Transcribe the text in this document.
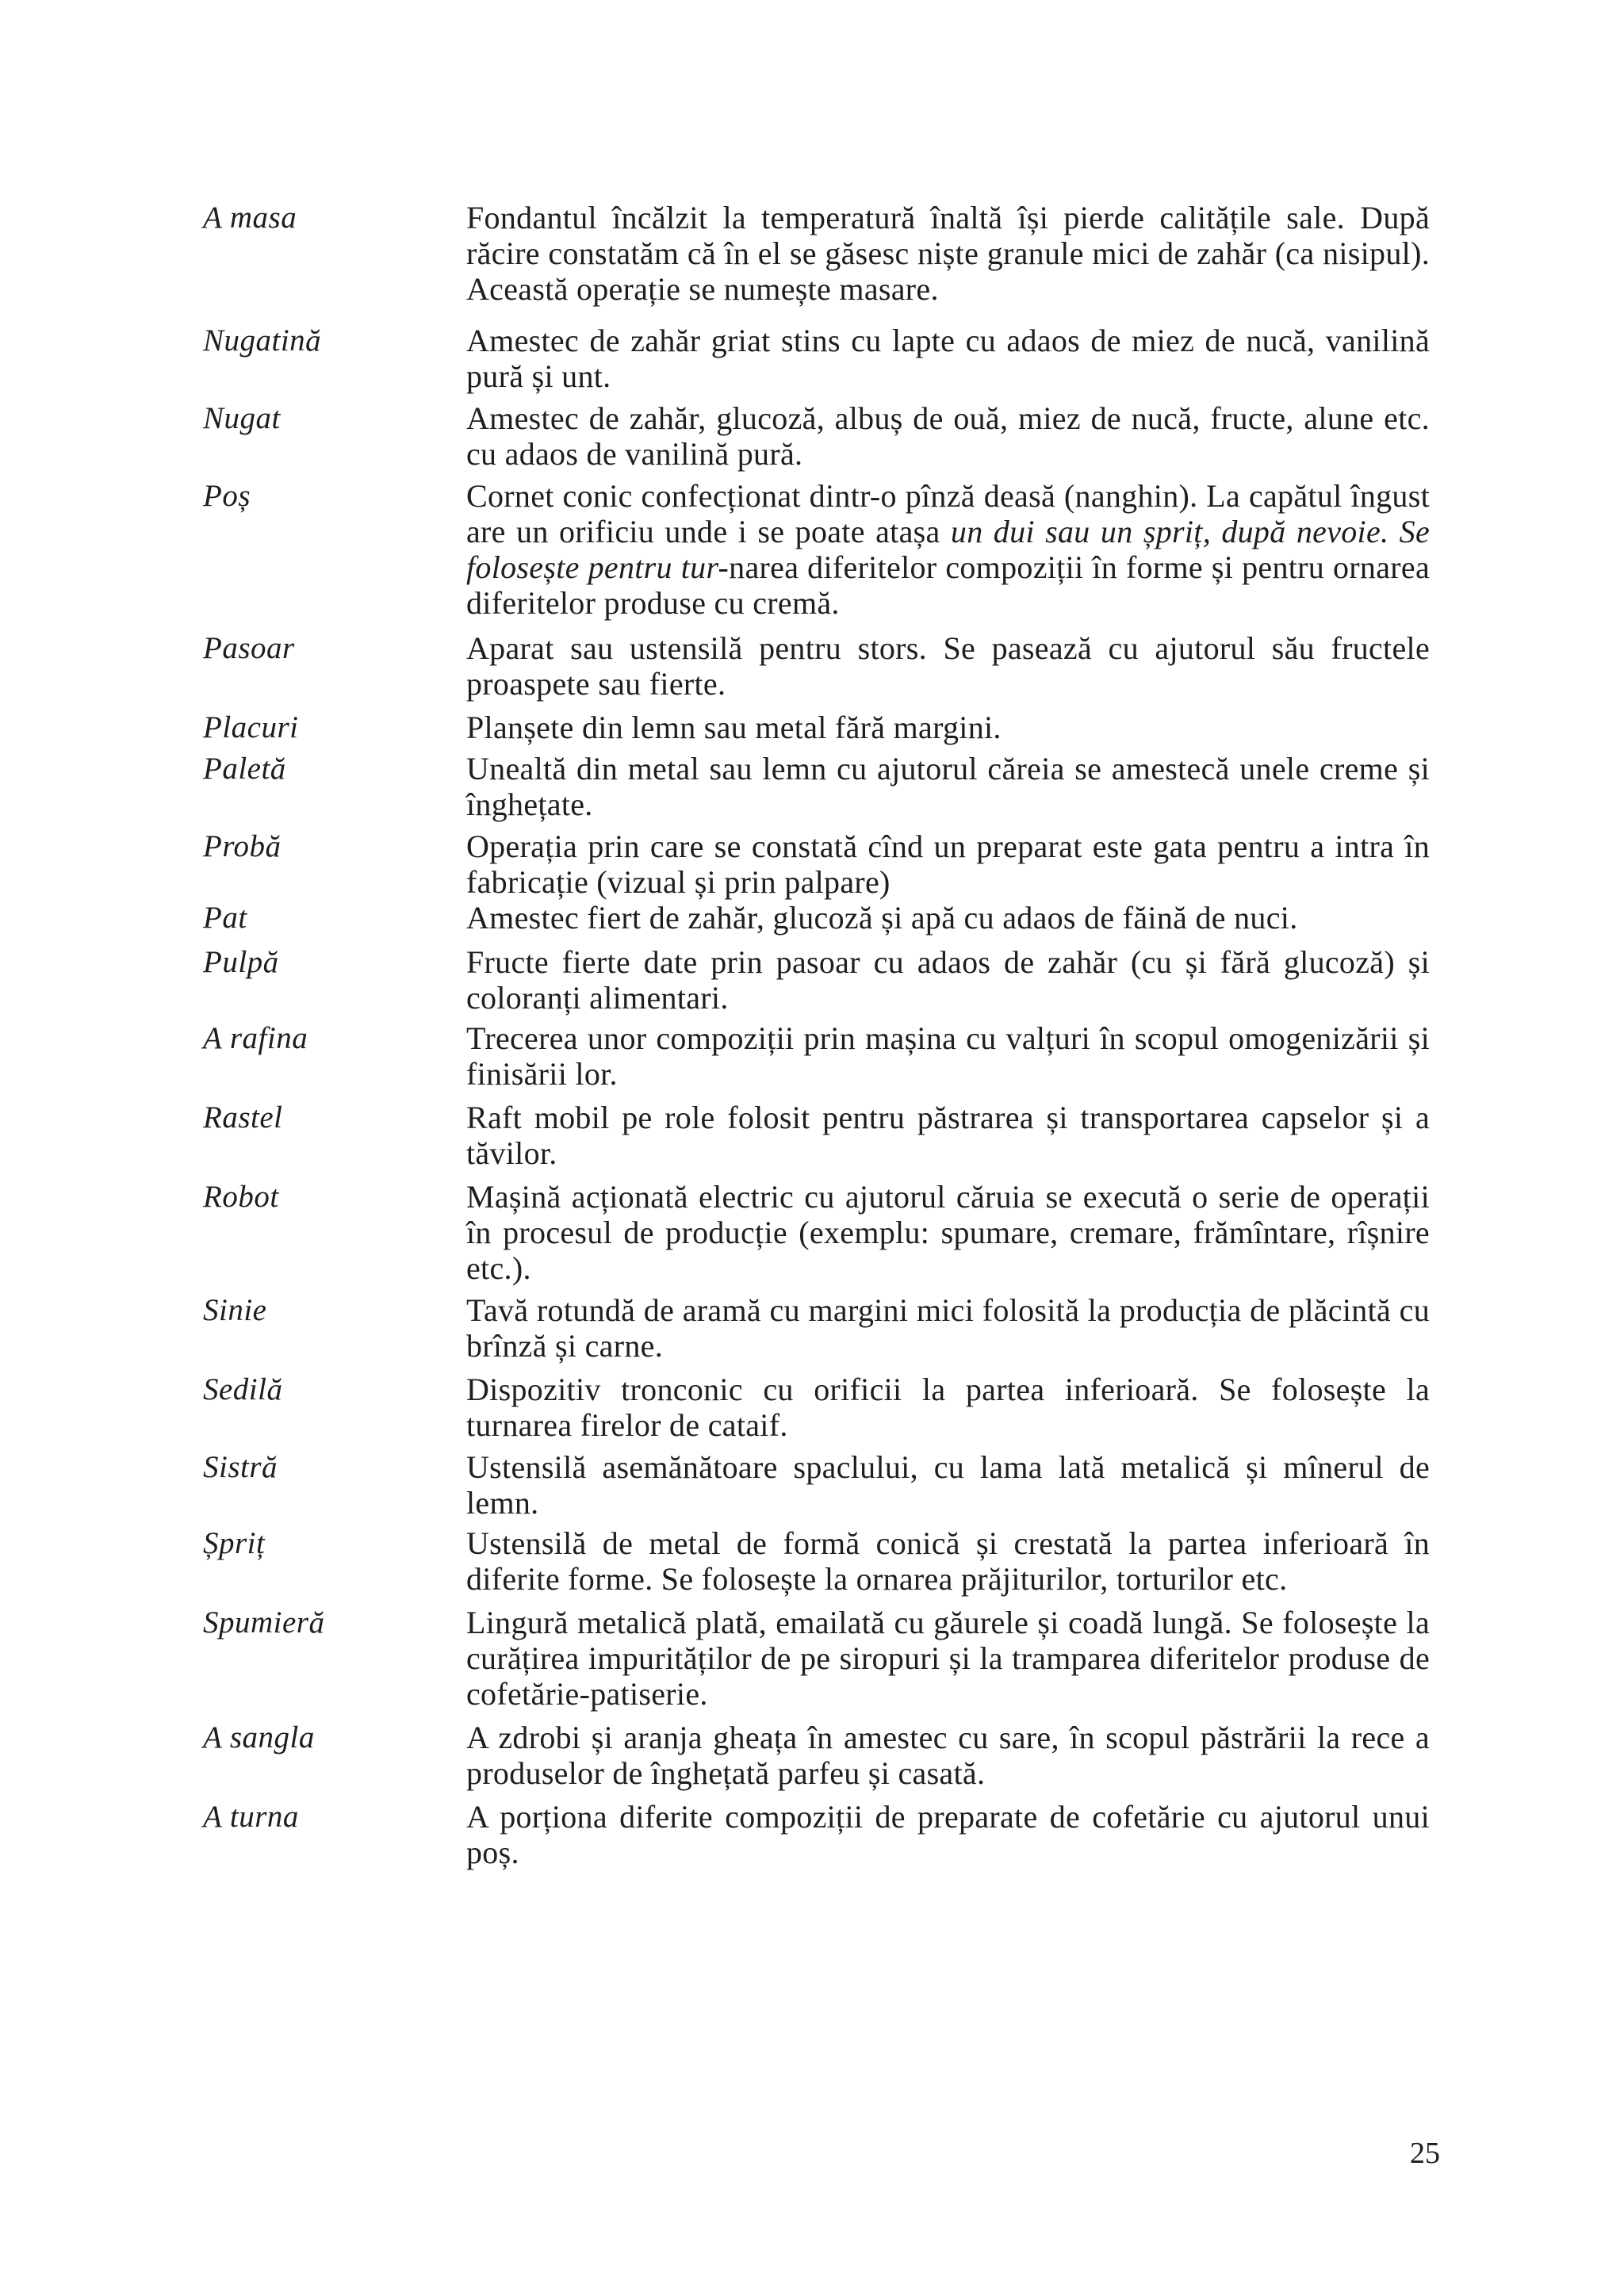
A masa	Fondantul încălzit la temperatură înaltă își pierde calitățile sale. După răcire constatăm că în el se găsesc niște granule mici de zahăr (ca nisipul). Această operație se numește masare.
Nugatină	Amestec de zahăr griat stins cu lapte cu adaos de miez de nucă, vanilină pură și unt.
Nugat	Amestec de zahăr, glucoză, albuș de ouă, miez de nucă, fructe, alune etc. cu adaos de vanilină pură.
Poș	Cornet conic confecționat dintr-o pînză deasă (nanghin). La capătul îngust are un orificiu unde i se poate atașa un dui sau un șpriț, după nevoie. Se folosește pentru tur-narea diferitelor compoziții în forme și pentru ornarea diferitelor produse cu cremă.
Pasoar	Aparat sau ustensilă pentru stors. Se pasează cu ajutorul său fructele proaspete sau fierte.
Placuri	Planșete din lemn sau metal fără margini.
Paletă	Unealtă din metal sau lemn cu ajutorul căreia se amestecă unele creme și înghețate.
Probă	Operația prin care se constată cînd un preparat este gata pentru a intra în fabricație (vizual și prin palpare)
Pat	Amestec fiert de zahăr, glucoză și apă cu adaos de făină de nuci.
Pulpă	Fructe fierte date prin pasoar cu adaos de zahăr (cu și fără glucoză) și coloranți alimentari.
A rafina	Trecerea unor compoziții prin mașina cu valțuri în scopul omogenizării și finisării lor.
Rastel	Raft mobil pe role folosit pentru păstrarea și transportarea capselor și a tăvilor.
Robot	Mașină acționată electric cu ajutorul căruia se execută o serie de operații în procesul de producție (exemplu: spumare, cremare, frămîntare, rîșnire etc.).
Sinie	Tavă rotundă de aramă cu margini mici folosită la producția de plăcintă cu brînză și carne.
Sedilă	Dispozitiv tronconic cu orificii la partea inferioară. Se folosește la turnarea firelor de cataif.
Sistră	Ustensilă asemănătoare spaclului, cu lama lată metalică și mînerul de lemn.
Șpriț	Ustensilă de metal de formă conică și crestată la partea inferioară în diferite forme. Se folosește la ornarea prăjiturilor, torturilor etc.
Spumieră	Lingură metalică plată, emailată cu găurele și coadă lungă. Se folosește la curățirea impurităților de pe siropuri și la tramparea diferitelor produse de cofetărie-patiserie.
A sangla	A zdrobi și aranja gheața în amestec cu sare, în scopul păstrării la rece a produselor de înghețată parfeu și casată.
A turna	A porționa diferite compoziții de preparate de cofetărie cu ajutorul unui poș.
25
